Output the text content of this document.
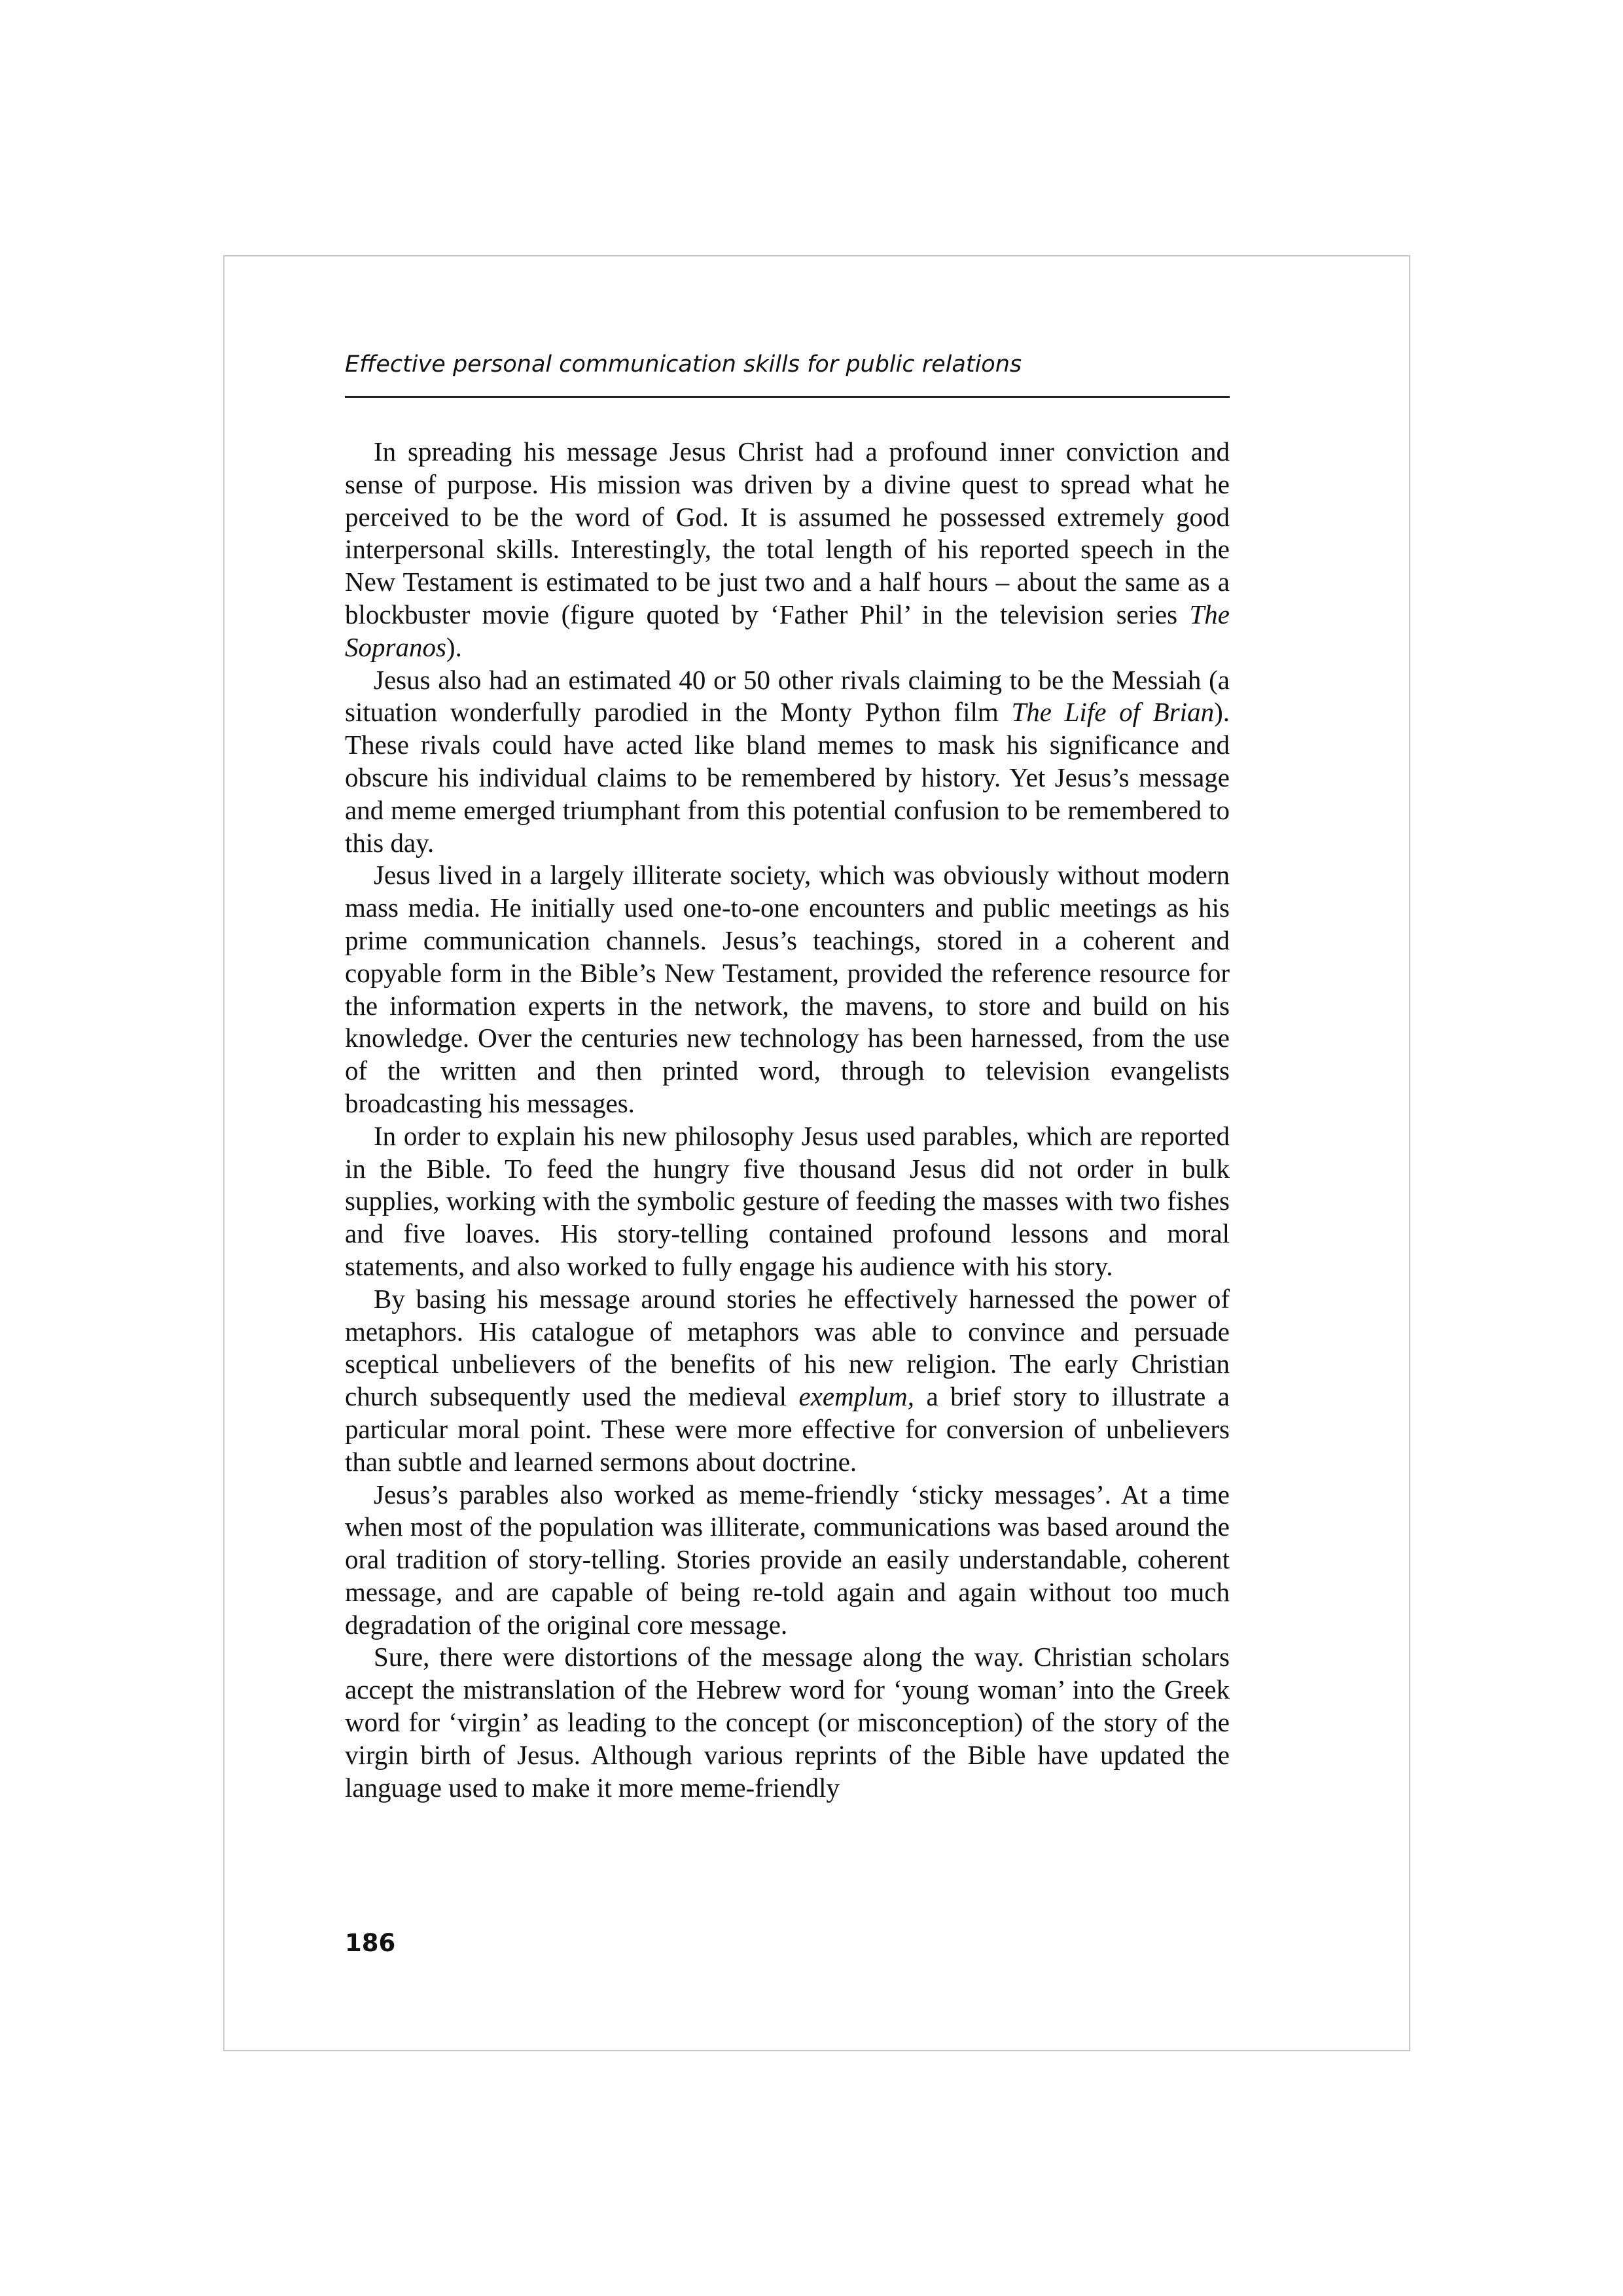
Effective personal communication skills for public relations

In spreading his message Jesus Christ had a profound inner conviction and sense of purpose. His mission was driven by a divine quest to spread what he perceived to be the word of God. It is assumed he possessed extremely good interpersonal skills. Interestingly, the total length of his reported speech in the New Testament is estimated to be just two and a half hours – about the same as a blockbuster movie (figure quoted by ‘Father Phil’ in the television series The Sopranos).

Jesus also had an estimated 40 or 50 other rivals claiming to be the Messiah (a situation wonderfully parodied in the Monty Python film The Life of Brian). These rivals could have acted like bland memes to mask his significance and obscure his individual claims to be remembered by history. Yet Jesus’s message and meme emerged triumphant from this potential confusion to be remembered to this day.

Jesus lived in a largely illiterate society, which was obviously without modern mass media. He initially used one-to-one encounters and public meetings as his prime communication channels. Jesus’s teachings, stored in a coherent and copyable form in the Bible’s New Testament, provided the reference resource for the information experts in the network, the mavens, to store and build on his knowledge. Over the centuries new technology has been harnessed, from the use of the written and then printed word, through to television evangelists broadcasting his messages.

In order to explain his new philosophy Jesus used parables, which are reported in the Bible. To feed the hungry five thousand Jesus did not order in bulk supplies, working with the symbolic gesture of feeding the masses with two fishes and five loaves. His story-telling contained profound lessons and moral statements, and also worked to fully engage his audience with his story.

By basing his message around stories he effectively harnessed the power of metaphors. His catalogue of metaphors was able to convince and persuade sceptical unbelievers of the benefits of his new religion. The early Christian church subsequently used the medieval exemplum, a brief story to illustrate a particular moral point. These were more effective for conversion of unbelievers than subtle and learned sermons about doctrine.

Jesus’s parables also worked as meme-friendly ‘sticky messages’. At a time when most of the population was illiterate, communications was based around the oral tradition of story-telling. Stories provide an easily understandable, coherent message, and are capable of being re-told again and again without too much degradation of the original core message.

Sure, there were distortions of the message along the way. Christian scholars accept the mistranslation of the Hebrew word for ‘young woman’ into the Greek word for ‘virgin’ as leading to the concept (or misconception) of the story of the virgin birth of Jesus. Although various reprints of the Bible have updated the language used to make it more meme-friendly

186
